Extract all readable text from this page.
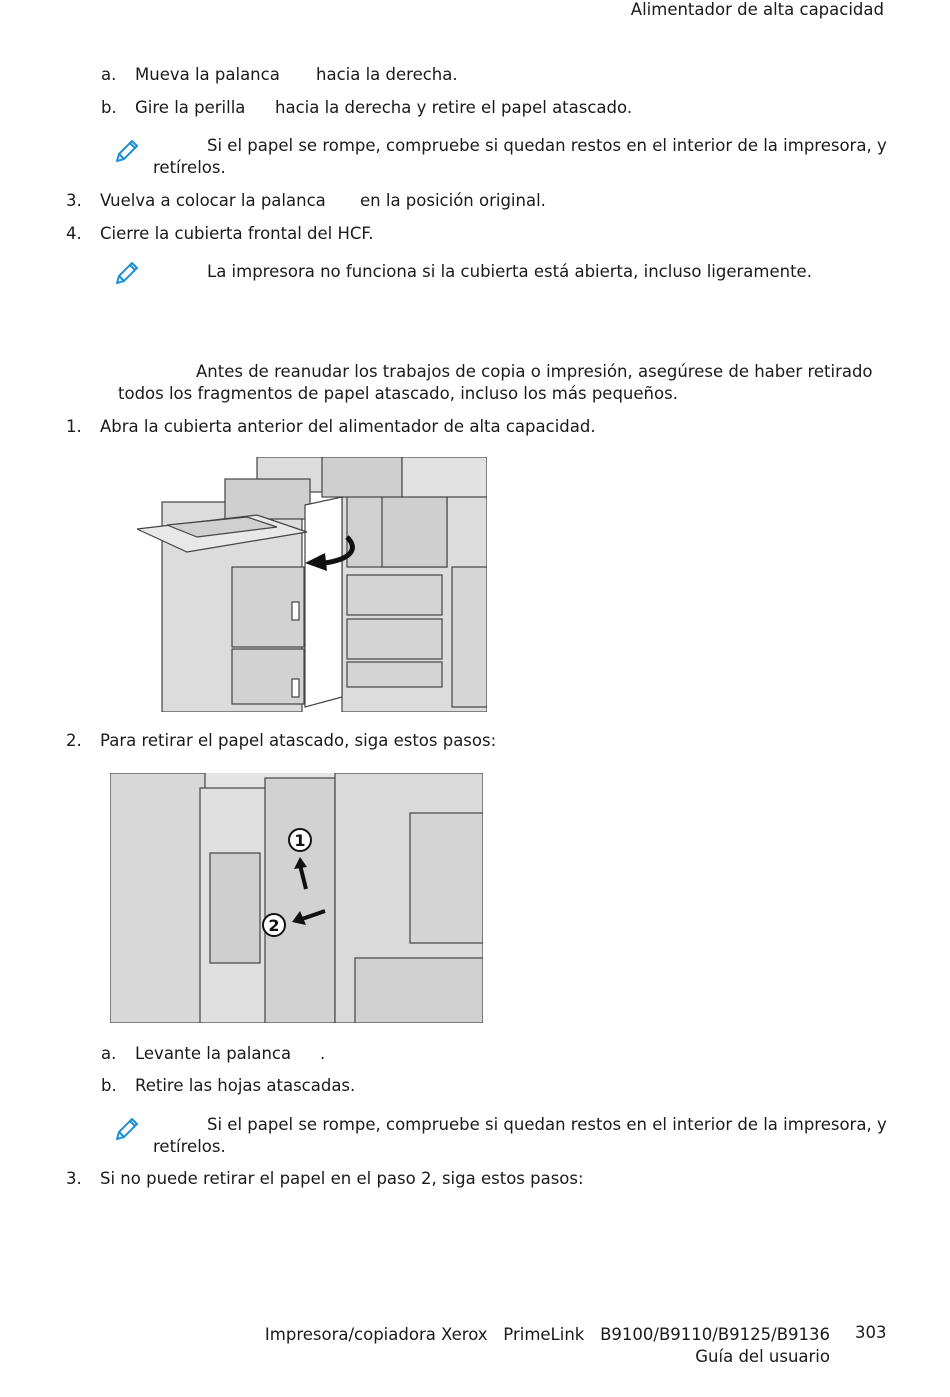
Alimentador de alta capacidad
a. Mueva la palanca hacia la derecha.
b. Gire la perilla hacia la derecha y retire el papel atascado.
Si el papel se rompe, compruebe si quedan restos en el interior de la impresora, y
retírelos.
3. Vuelva a colocar la palanca en la posición original.
4. Cierre la cubierta frontal del HCF.
La impresora no funciona si la cubierta está abierta, incluso ligeramente.
Antes de reanudar los trabajos de copia o impresión, asegúrese de haber retirado
todos los fragmentos de papel atascado, incluso los más pequeños.
1. Abra la cubierta anterior del alimentador de alta capacidad.
2. Para retirar el papel atascado, siga estos pasos:
1
2
a. Levante la palanca .
b. Retire las hojas atascadas.
Si el papel se rompe, compruebe si quedan restos en el interior de la impresora, y
retírelos.
3. Si no puede retirar el papel en el paso 2, siga estos pasos:
Impresora/copiadora Xerox   PrimeLink   B9100/B9110/B9125/B9136
Guía del usuario
303
